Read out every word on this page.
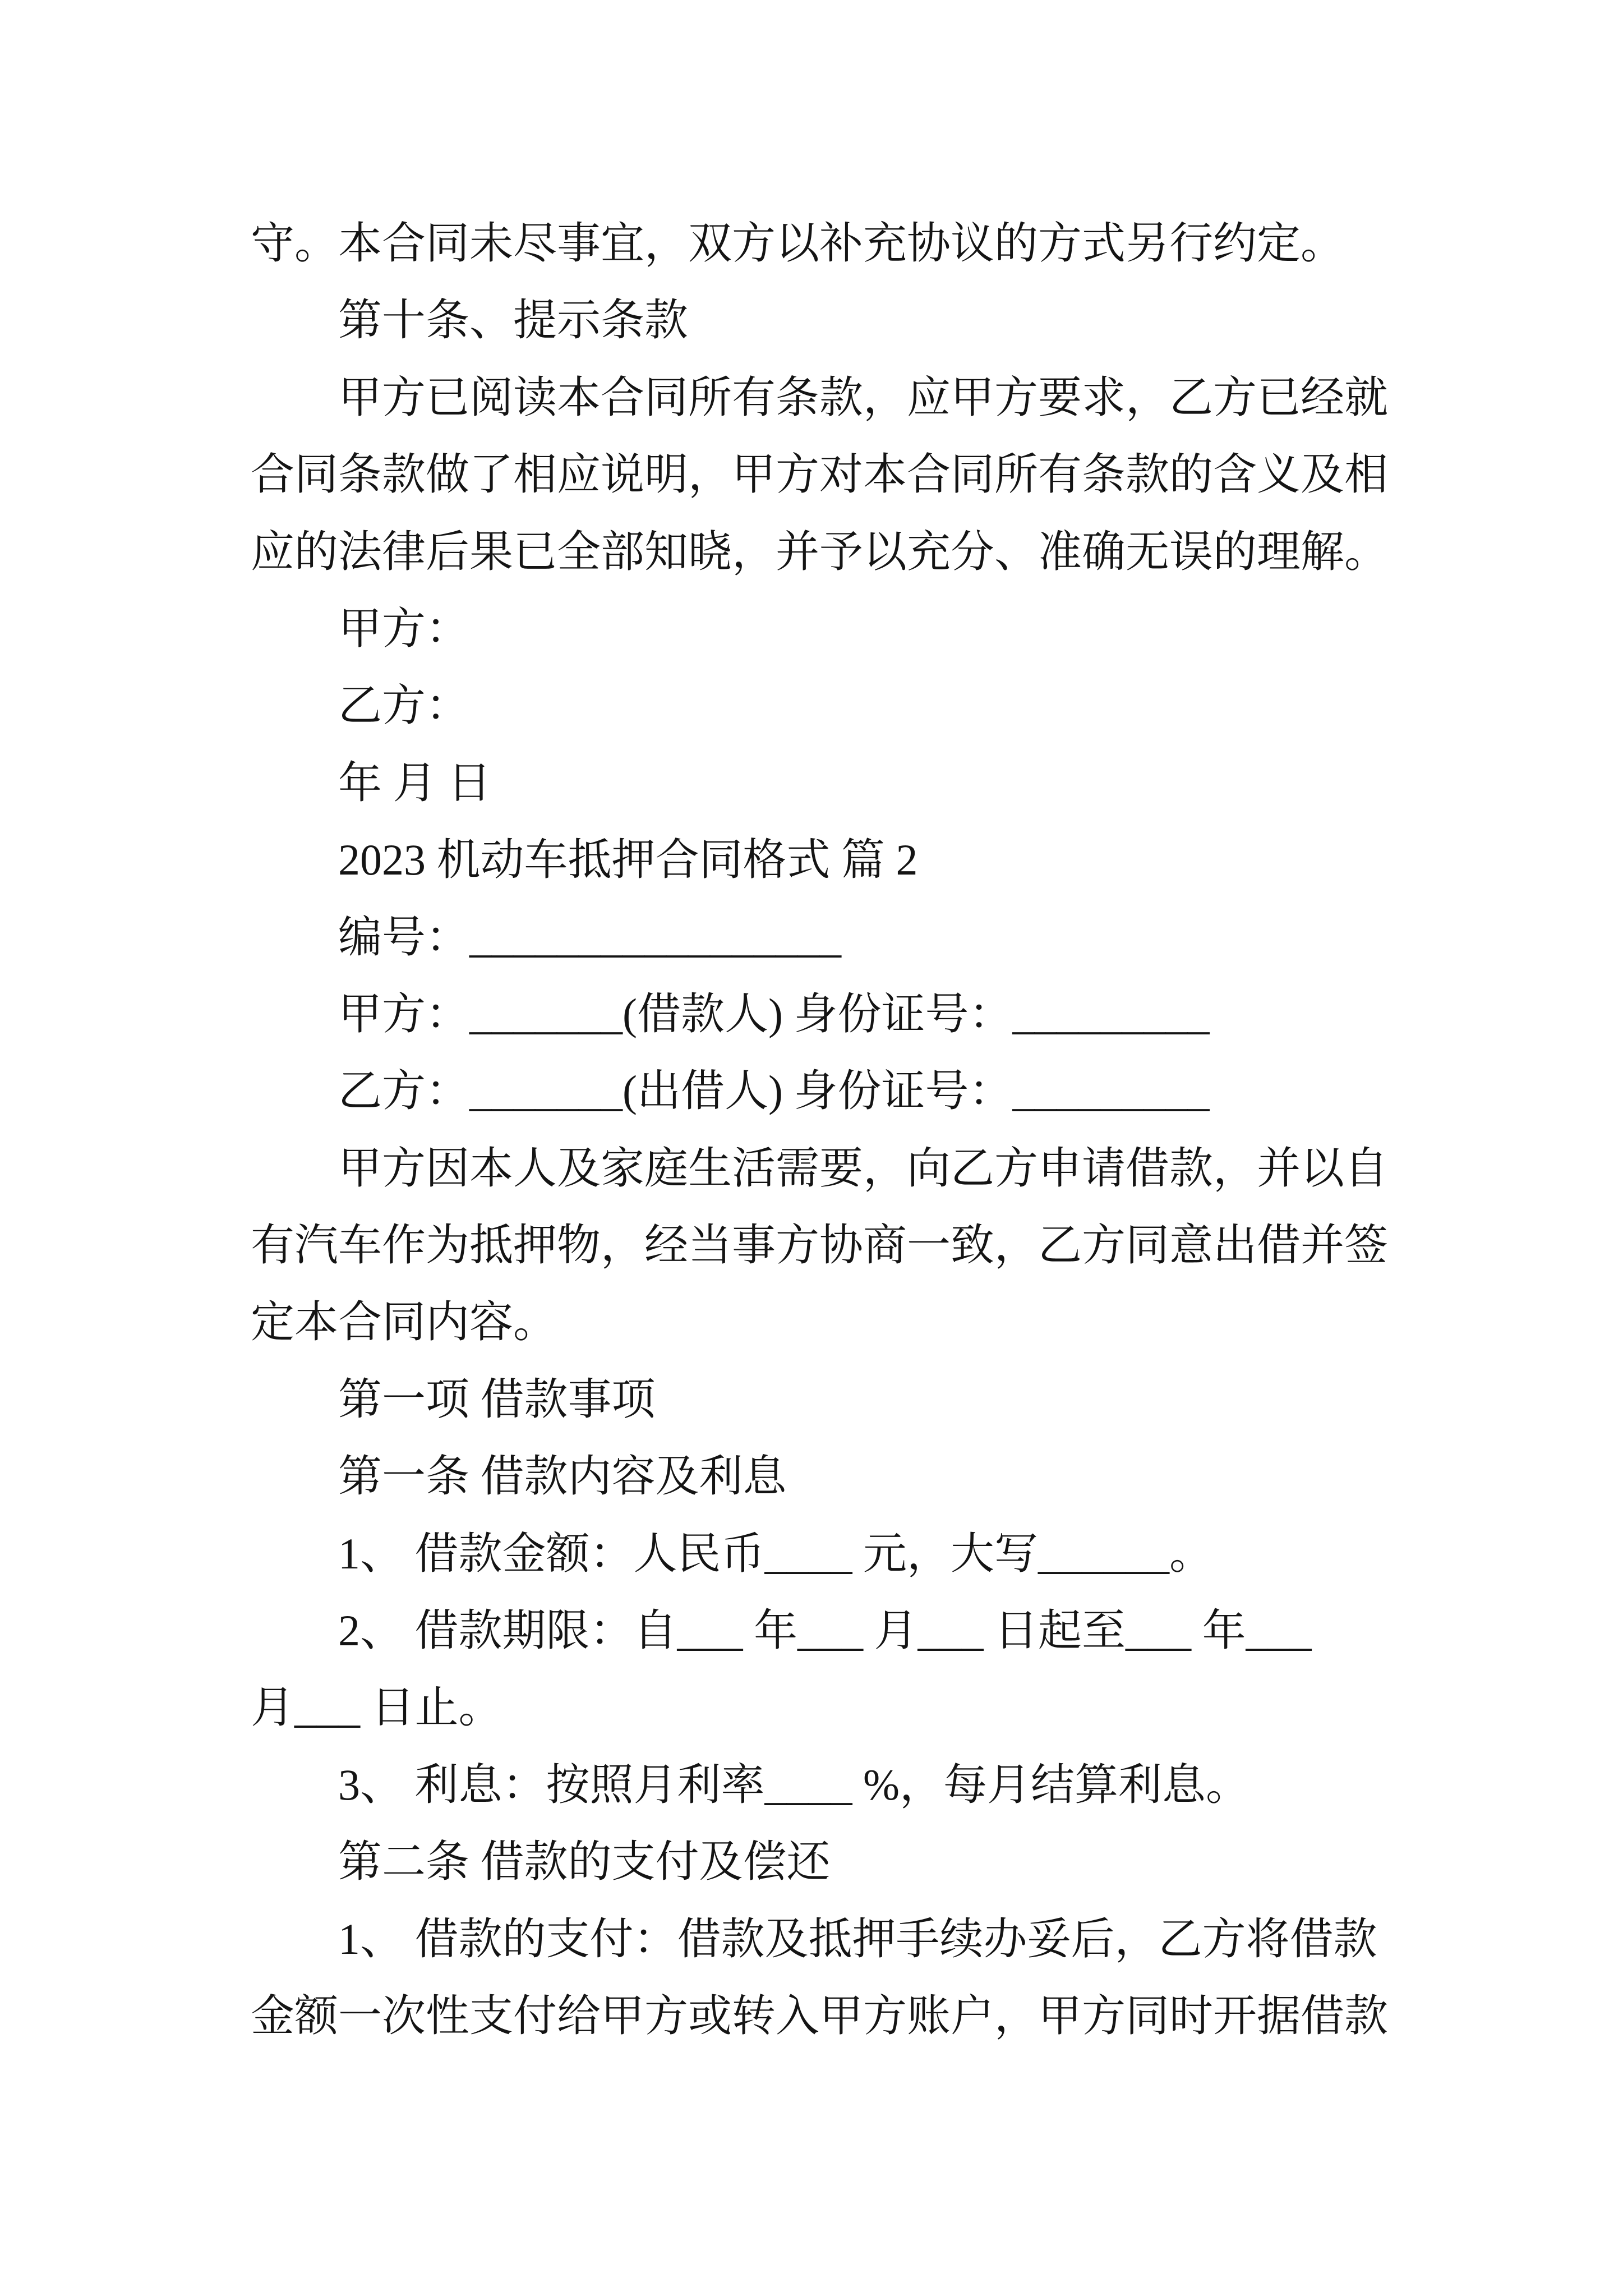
守。本合同未尽事宜，双方以补充协议的方式另行约定。
第十条、提示条款
甲方已阅读本合同所有条款，应甲方要求，乙方已经就
合同条款做了相应说明，甲方对本合同所有条款的含义及相
应的法律后果已全部知晓，并予以充分、准确无误的理解。
甲方：
乙方：
年 月 日
2023 机动车抵押合同格式 篇 2
编号：_________________
甲方：_______(借款人) 身份证号：_________
乙方：_______(出借人) 身份证号：_________
甲方因本人及家庭生活需要，向乙方申请借款，并以自
有汽车作为抵押物，经当事方协商一致，乙方同意出借并签
定本合同内容。
第一项 借款事项
第一条 借款内容及利息
1、 借款金额：人民币____ 元，大写______。
2、 借款期限：自___ 年___ 月___ 日起至___ 年___
月___ 日止。
3、 利息：按照月利率____ %，每月结算利息。
第二条 借款的支付及偿还
1、 借款的支付：借款及抵押手续办妥后，乙方将借款
金额一次性支付给甲方或转入甲方账户，甲方同时开据借款
